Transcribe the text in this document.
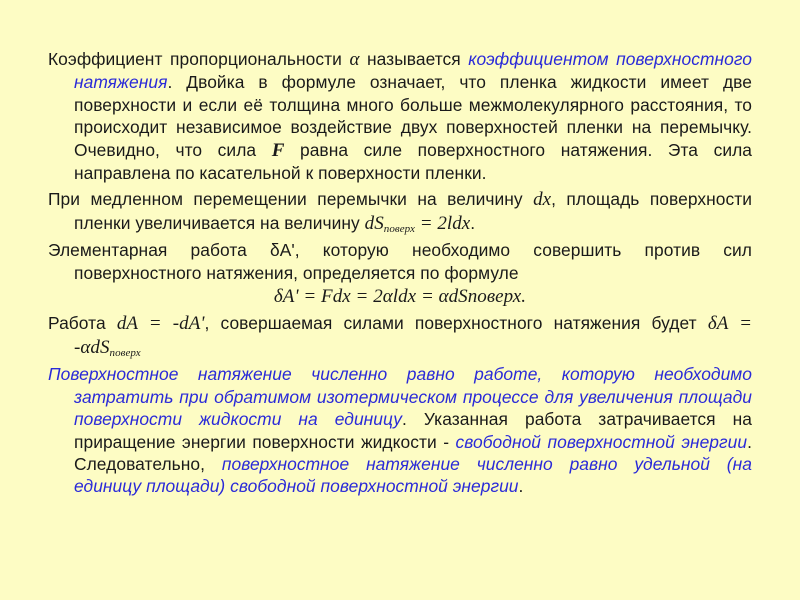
Коэффициент пропорциональности α называется коэффициентом поверхностного натяжения. Двойка в формуле означает, что пленка жидкости имеет две поверхности и если её толщина много больше межмолекулярного расстояния, то происходит независимое воздействие двух поверхностей пленки на перемычку. Очевидно, что сила F равна силе поверхностного натяжения. Эта сила направлена по касательной к поверхности пленки.

При медленном перемещении перемычки на величину dx, площадь поверхности пленки увеличивается на величину $dS_{поверх} = 2ldx$.

Элементарная работа δА', которую необходимо совершить против сил поверхностного натяжения, определяется по формуле

δA' = Fdx = 2αldx = αdSповерх.

Работа dA = -dA', совершаемая силами поверхностного натяжения будет δA = -αdS$_{поверх}$

Поверхностное натяжение численно равно работе, которую необходимо затратить при обратимом изотермическом процессе для увеличения площади поверхности жидкости на единицу. Указанная работа затрачивается на приращение энергии поверхности жидкости - свободной поверхностной энергии. Следовательно, поверхностное натяжение численно равно удельной (на единицу площади) свободной поверхностной энергии.
